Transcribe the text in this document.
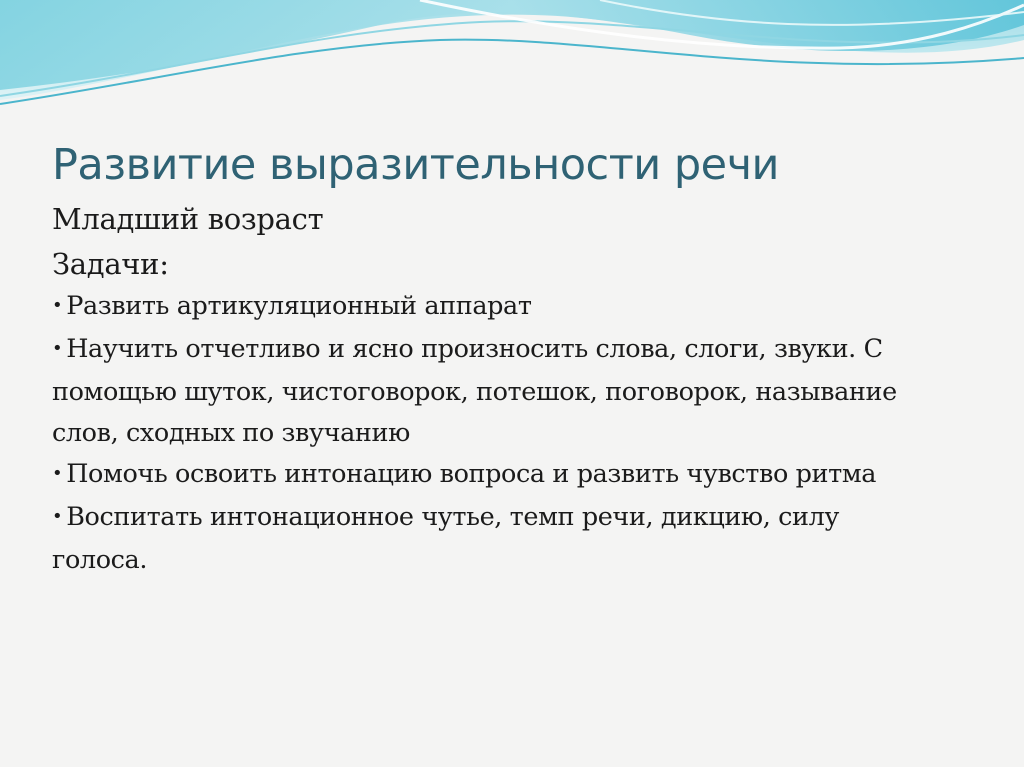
Развитие выразительности речи

Младший возраст

Задачи:

• Развить артикуляционный аппарат
• Научить отчетливо и ясно произносить слова, слоги, звуки. С помощью шуток, чистоговорок, потешок, поговорок, называние слов, сходных по звучанию
• Помочь освоить интонацию вопроса и развить чувство ритма
• Воспитать интонационное чутье, темп речи, дикцию, силу голоса.
